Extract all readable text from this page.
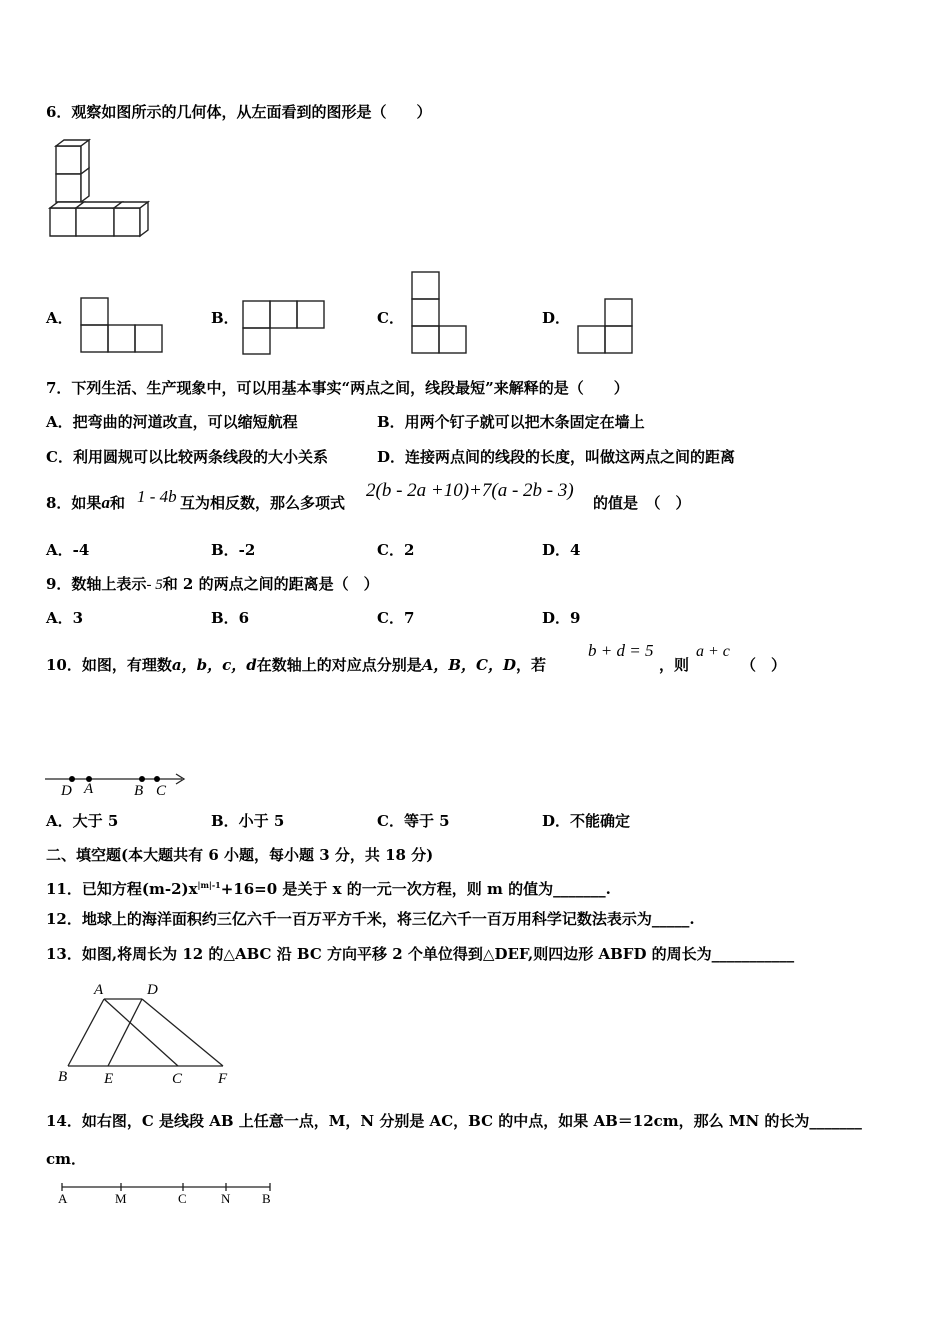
6．观察如图所示的几何体，从左面看到的图形是（　　）
A．	B．	C．	D．
7．下列生活、生产现象中，可以用基本事实“两点之间，线段最短”来解释的是（　　）
A．把弯曲的河道改直，可以缩短航程	B．用两个钉子就可以把木条固定在墙上
C．利用圆规可以比较两条线段的大小关系	D．连接两点间的线段的长度，叫做这两点之间的距离
8．如果a和 1 - 4b 互为相反数，那么多项式
2(b - 2a +10)+7(a - 2b - 3)
的值是　（　）
A．-4	B．-2	C．2	D．4
9．数轴上表示- 5和 2 的两点之间的距离是（　）
A．3	B．6	C．7	D．9
10．如图，有理数a，b，c，d在数轴上的对应点分别是A，B，C，D，若
b + d = 5
，则
a + c
（　）
D A	B C
A．大于 5	B．小于 5	C．等于 5	D．不能确定
二、填空题(本大题共有 6 小题，每小题 3 分，共 18 分)
11．已知方程$(m-2)x^{|m|-1}+16=0$ 是关于 x 的一元一次方程，则 m 的值为_______.
12．地球上的海洋面积约三亿六千一百万平方千米，将三亿六千一百万用科学记数法表示为_____.
13．如图,将周长为 12 的△ABC 沿 BC 方向平移 2 个单位得到△DEF,则四边形 ABFD 的周长为___________
A	D
B E	C F
14．如右图，C 是线段 AB 上任意一点，M，N 分别是 AC，BC 的中点，如果 AB＝12cm，那么 MN 的长为_______
cm．
A	M	C	N B
